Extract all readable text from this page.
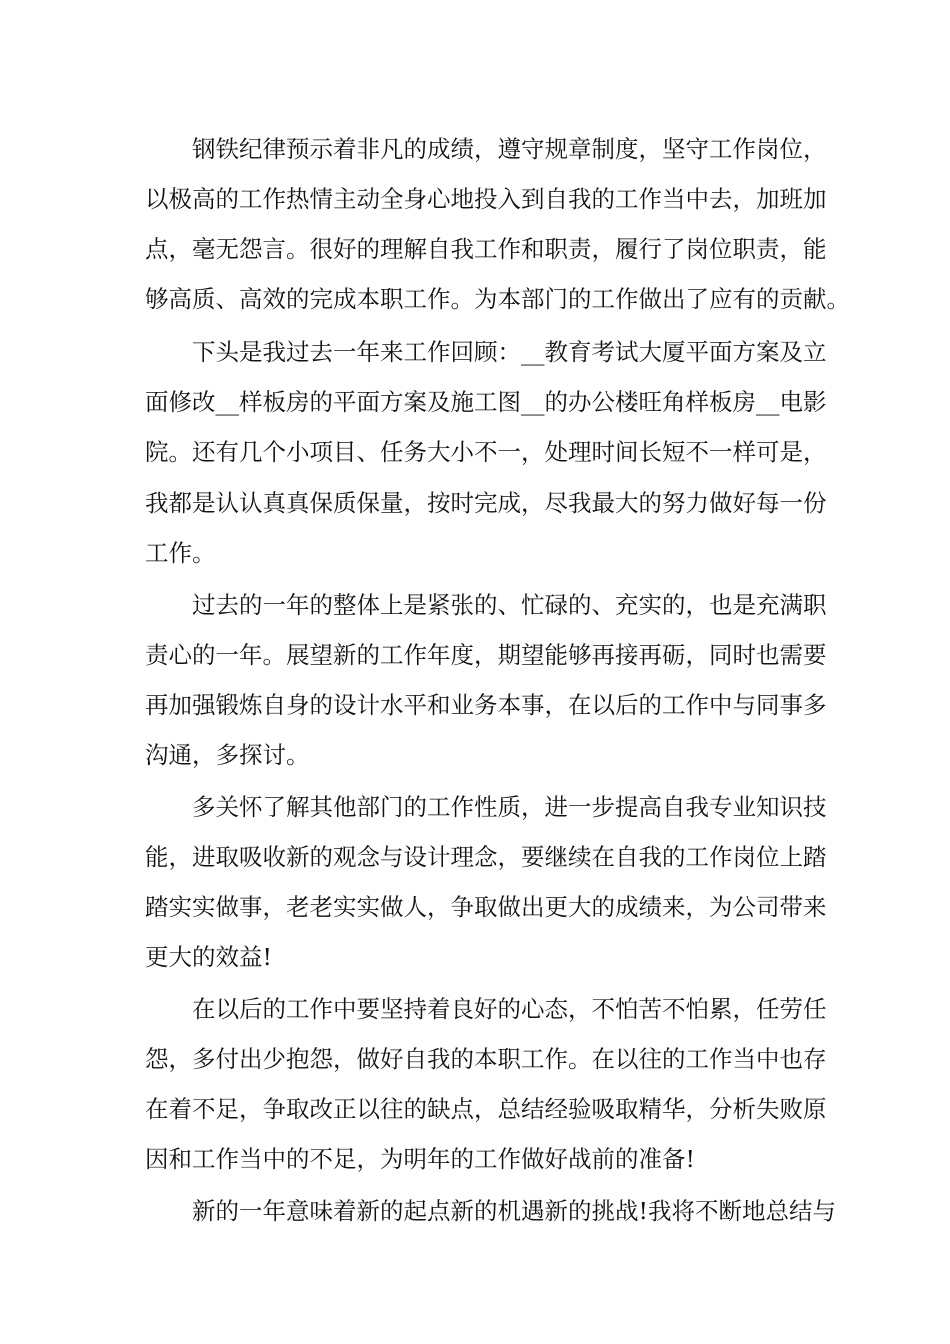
钢铁纪律预示着非凡的成绩，遵守规章制度，坚守工作岗位，
以极高的工作热情主动全身心地投入到自我的工作当中去，加班加
点，毫无怨言。很好的理解自我工作和职责，履行了岗位职责，能
够高质、高效的完成本职工作。为本部门的工作做出了应有的贡献。
下头是我过去一年来工作回顾：__教育考试大厦平面方案及立
面修改__样板房的平面方案及施工图__的办公楼旺角样板房__电影
院。还有几个小项目、任务大小不一，处理时间长短不一样可是，
我都是认认真真保质保量，按时完成，尽我最大的努力做好每一份
工作。
过去的一年的整体上是紧张的、忙碌的、充实的，也是充满职
责心的一年。展望新的工作年度，期望能够再接再砺，同时也需要
再加强锻炼自身的设计水平和业务本事，在以后的工作中与同事多
沟通，多探讨。
多关怀了解其他部门的工作性质，进一步提高自我专业知识技
能，进取吸收新的观念与设计理念，要继续在自我的工作岗位上踏
踏实实做事，老老实实做人，争取做出更大的成绩来，为公司带来
更大的效益!
在以后的工作中要坚持着良好的心态，不怕苦不怕累，任劳任
怨，多付出少抱怨，做好自我的本职工作。在以往的工作当中也存
在着不足，争取改正以往的缺点，总结经验吸取精华，分析失败原
因和工作当中的不足，为明年的工作做好战前的准备!
新的一年意味着新的起点新的机遇新的挑战!我将不断地总结与
